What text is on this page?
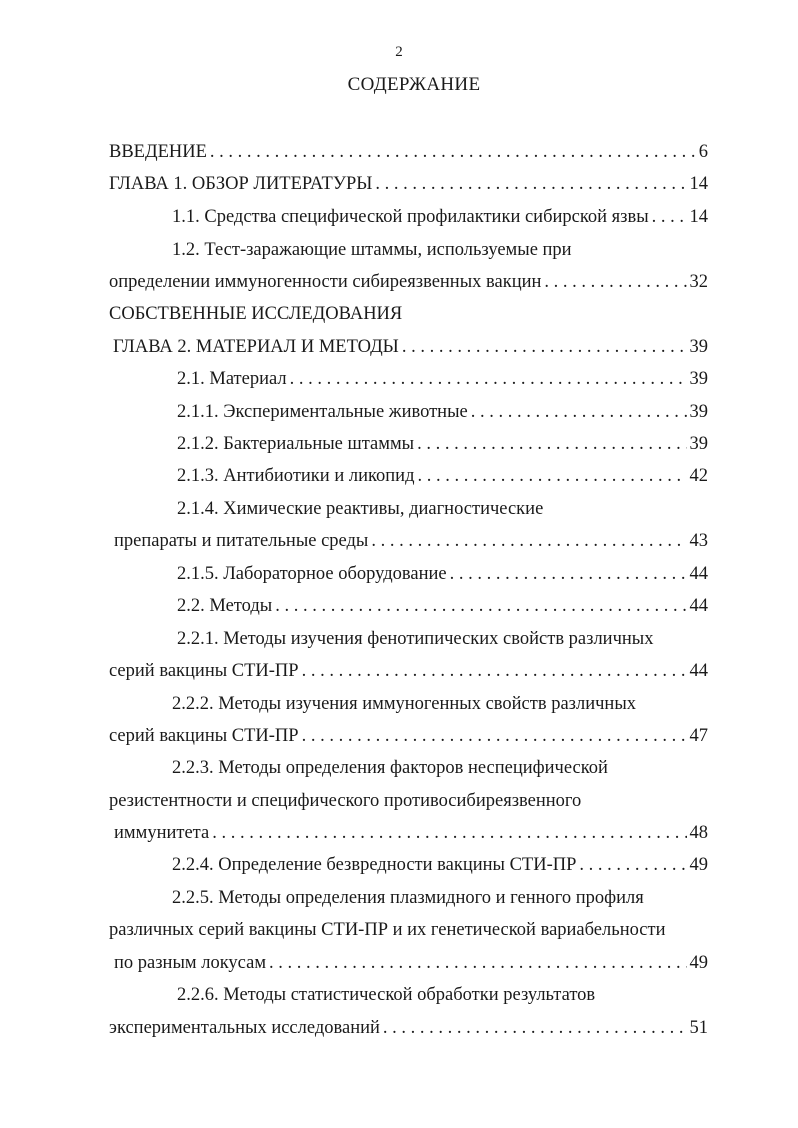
2
СОДЕРЖАНИЕ
ВВЕДЕНИЕ . . .	6
ГЛАВА 1. ОБЗОР ЛИТЕРАТУРЫ . . .	14
1.1. Средства специфической профилактики сибирской язвы . . . 14
1.2. Тест-заражающие штаммы, используемые при
определении иммуногенности сибиреязвенных вакцин . . .	32
СОБСТВЕННЫЕ ИССЛЕДОВАНИЯ
ГЛАВА 2. МАТЕРИАЛ И МЕТОДЫ . . .	39
2.1. Материал . . .	39
2.1.1. Экспериментальные животные . . .	39
2.1.2. Бактериальные штаммы . . .	39
2.1.3. Антибиотики и ликопид . . .	42
2.1.4. Химические реактивы, диагностические
препараты и питательные среды . . .	43
2.1.5. Лабораторное оборудование . . .	44
2.2. Методы . . .	44
2.2.1. Методы изучения фенотипических свойств различных
серий вакцины СТИ-ПР . . .	44
2.2.2. Методы изучения иммуногенных свойств различных
серий вакцины СТИ-ПР . . .	47
2.2.3. Методы определения факторов неспецифической
резистентности и специфического противосибиреязвенного
иммунитета . . .	48
2.2.4. Определение безвредности вакцины СТИ-ПР . . .	49
2.2.5. Методы определения плазмидного и генного профиля
различных серий вакцины СТИ-ПР и их генетической вариабельности
по разным локусам . . .	49
2.2.6. Методы статистической обработки результатов
экспериментальных исследований . . .	51
